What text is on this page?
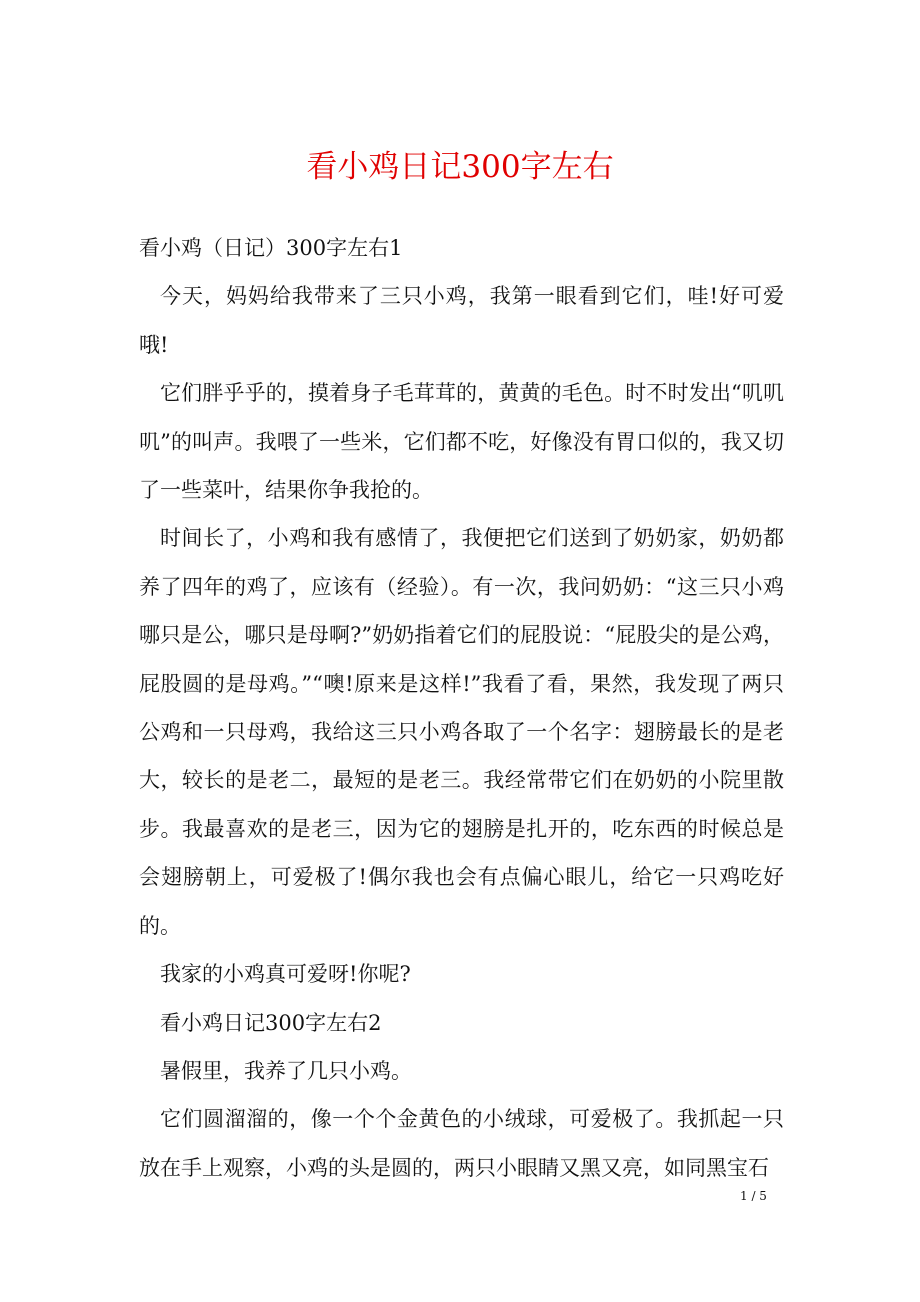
看小鸡日记300字左右

看小鸡（日记）300字左右1

今天，妈妈给我带来了三只小鸡，我第一眼看到它们，哇!好可爱哦!

它们胖乎乎的，摸着身子毛茸茸的，黄黄的毛色。时不时发出“叽叽叽”的叫声。我喂了一些米，它们都不吃，好像没有胃口似的，我又切了一些菜叶，结果你争我抢的。

时间长了，小鸡和我有感情了，我便把它们送到了奶奶家，奶奶都养了四年的鸡了，应该有（经验）。有一次，我问奶奶：“这三只小鸡哪只是公，哪只是母啊?”奶奶指着它们的屁股说：“屁股尖的是公鸡，屁股圆的是母鸡。”“噢!原来是这样!”我看了看，果然，我发现了两只公鸡和一只母鸡，我给这三只小鸡各取了一个名字：翅膀最长的是老大，较长的是老二，最短的是老三。我经常带它们在奶奶的小院里散步。我最喜欢的是老三，因为它的翅膀是扎开的，吃东西的时候总是会翅膀朝上，可爱极了!偶尔我也会有点偏心眼儿，给它一只鸡吃好的。

我家的小鸡真可爱呀!你呢?

看小鸡日记300字左右2

暑假里，我养了几只小鸡。

它们圆溜溜的，像一个个金黄色的小绒球，可爱极了。我抓起一只放在手上观察，小鸡的头是圆的，两只小眼睛又黑又亮，如同黑宝石

1 / 5
